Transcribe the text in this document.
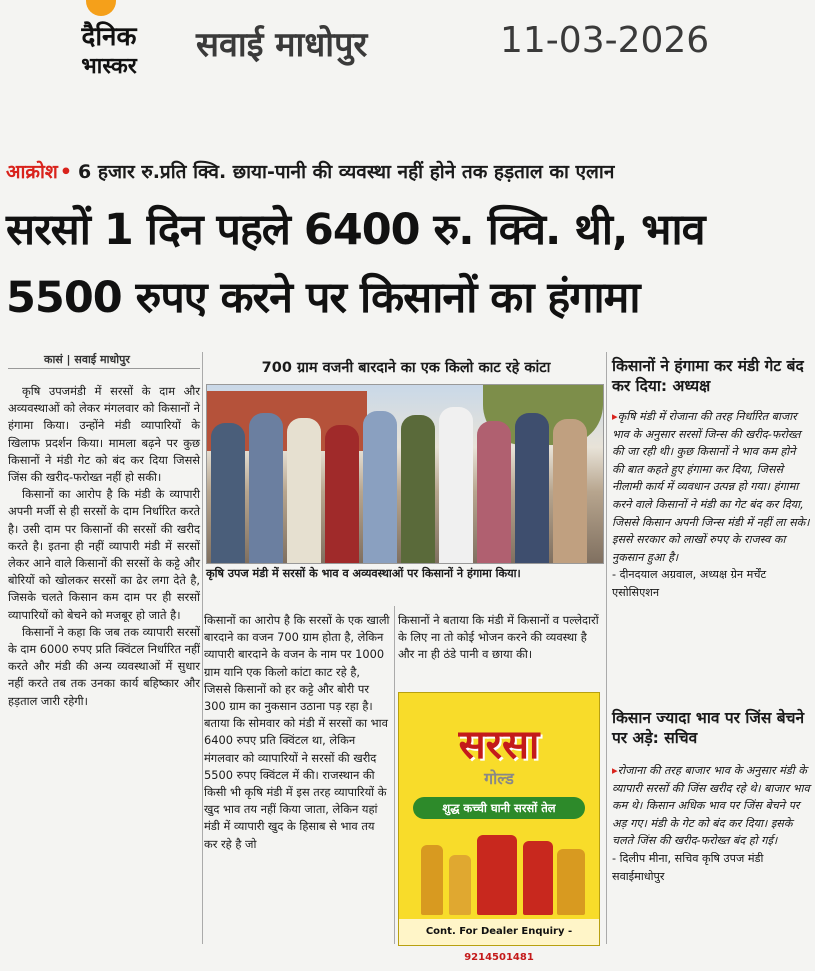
दैनिक
भास्कर
सवाई माधोपुर	11-03-2026
आक्रोश • 6 हजार रु.प्रति क्वि. छाया-पानी की व्यवस्था नहीं होने तक हड़ताल का एलान
सरसों 1 दिन पहले 6400 रु. क्वि. थी, भाव
5500 रुपए करने पर किसानों का हंगामा
कासं | सवाई माधोपुर

कृषि उपजमंडी में सरसों के दाम और अव्यवस्थाओं को लेकर मंगलवार को किसानों ने हंगामा किया। उन्होंने मंडी व्यापारियों के खिलाफ प्रदर्शन किया। मामला बढ़ने पर कुछ किसानों ने मंडी गेट को बंद कर दिया जिससे जिंस की खरीद-फरोख्त नहीं हो सकी।

किसानों का आरोप है कि मंडी के व्यापारी अपनी मर्जी से ही सरसों के दाम निर्धारित करते है। उसी दाम पर किसानों की सरसों की खरीद करते है। इतना ही नहीं व्यापारी मंडी में सरसों लेकर आने वाले किसानों की सरसों के कट्टे और बोरियों को खोलकर सरसों का ढेर लगा देते है, जिसके चलते किसान कम दाम पर ही सरसों व्यापारियों को बेचने को मजबूर हो जाते है।

किसानों ने कहा कि जब तक व्यापारी सरसों के दाम 6000 रुपए प्रति क्विंटल निर्धारित नहीं करते और मंडी की अन्य व्यवस्थाओं में सुधार नहीं करते तब तक उनका कार्य बहिष्कार और हड़ताल जारी रहेगी।

700 ग्राम वजनी बारदाने का एक किलो काट रहे कांटा
कृषि उपज मंडी में सरसों के भाव व अव्यवस्थाओं पर किसानों ने हंगामा किया।
किसानों का आरोप है कि सरसों के एक खाली बारदाने का वजन 700 ग्राम होता है, लेकिन व्यापारी बारदाने के वजन के नाम पर 1000 ग्राम यानि एक किलो कांटा काट रहे है, जिससे किसानों को हर कट्टे और बोरी पर 300 ग्राम का नुकसान उठाना पड़ रहा है। बताया कि सोमवार को मंडी में सरसों का भाव 6400 रुपए प्रति क्विंटल था, लेकिन मंगलवार को व्यापारियों ने सरसों की खरीद 5500 रुपए क्विंटल में की। राजस्थान की किसी भी कृषि मंडी में इस तरह व्यापारियों के खुद भाव तय नहीं किया जाता, लेकिन यहां मंडी में व्यापारी खुद के हिसाब से भाव तय कर रहे है जो
किसानों ने बताया कि मंडी में किसानों व पल्लेदारों के लिए ना तो कोई भोजन करने की व्यवस्था है और ना ही ठंडे पानी व छाया की।
सरसा
गोल्ड
शुद्ध कच्ची घानी सरसों तेल
Cont. For Dealer Enquiry - 9214501481
किसानों ने हंगामा कर मंडी गेट बंद कर दिया: अध्यक्ष
▸कृषि मंडी में रोजाना की तरह निर्धारित बाजार भाव के अनुसार सरसों जिन्स की खरीद-फरोख्त की जा रही थी। कुछ किसानों ने भाव कम होने की बात कहते हुए हंगामा कर दिया, जिससे नीलामी कार्य में व्यवधान उत्पन्न हो गया। हंगामा करने वाले किसानों ने मंडी का गेट बंद कर दिया, जिससे किसान अपनी जिन्स मंडी में नहीं ला सके। इससे सरकार को लाखों रुपए के राजस्व का नुकसान हुआ है।
- दीनदयाल अग्रवाल, अध्यक्ष ग्रेन मर्चेंट एसोसिएशन
किसान ज्यादा भाव पर जिंस बेचने पर अड़े: सचिव
▸रोजाना की तरह बाजार भाव के अनुसार मंडी के व्यापारी सरसों की जिंस खरीद रहे थे। बाजार भाव कम थे। किसान अधिक भाव पर जिंस बेचने पर अड़ गए। मंडी के गेट को बंद कर दिया। इसके चलते जिंस की खरीद-फरोख्त बंद हो गई।
- दिलीप मीना, सचिव कृषि उपज मंडी सवाईमाधोपुर
